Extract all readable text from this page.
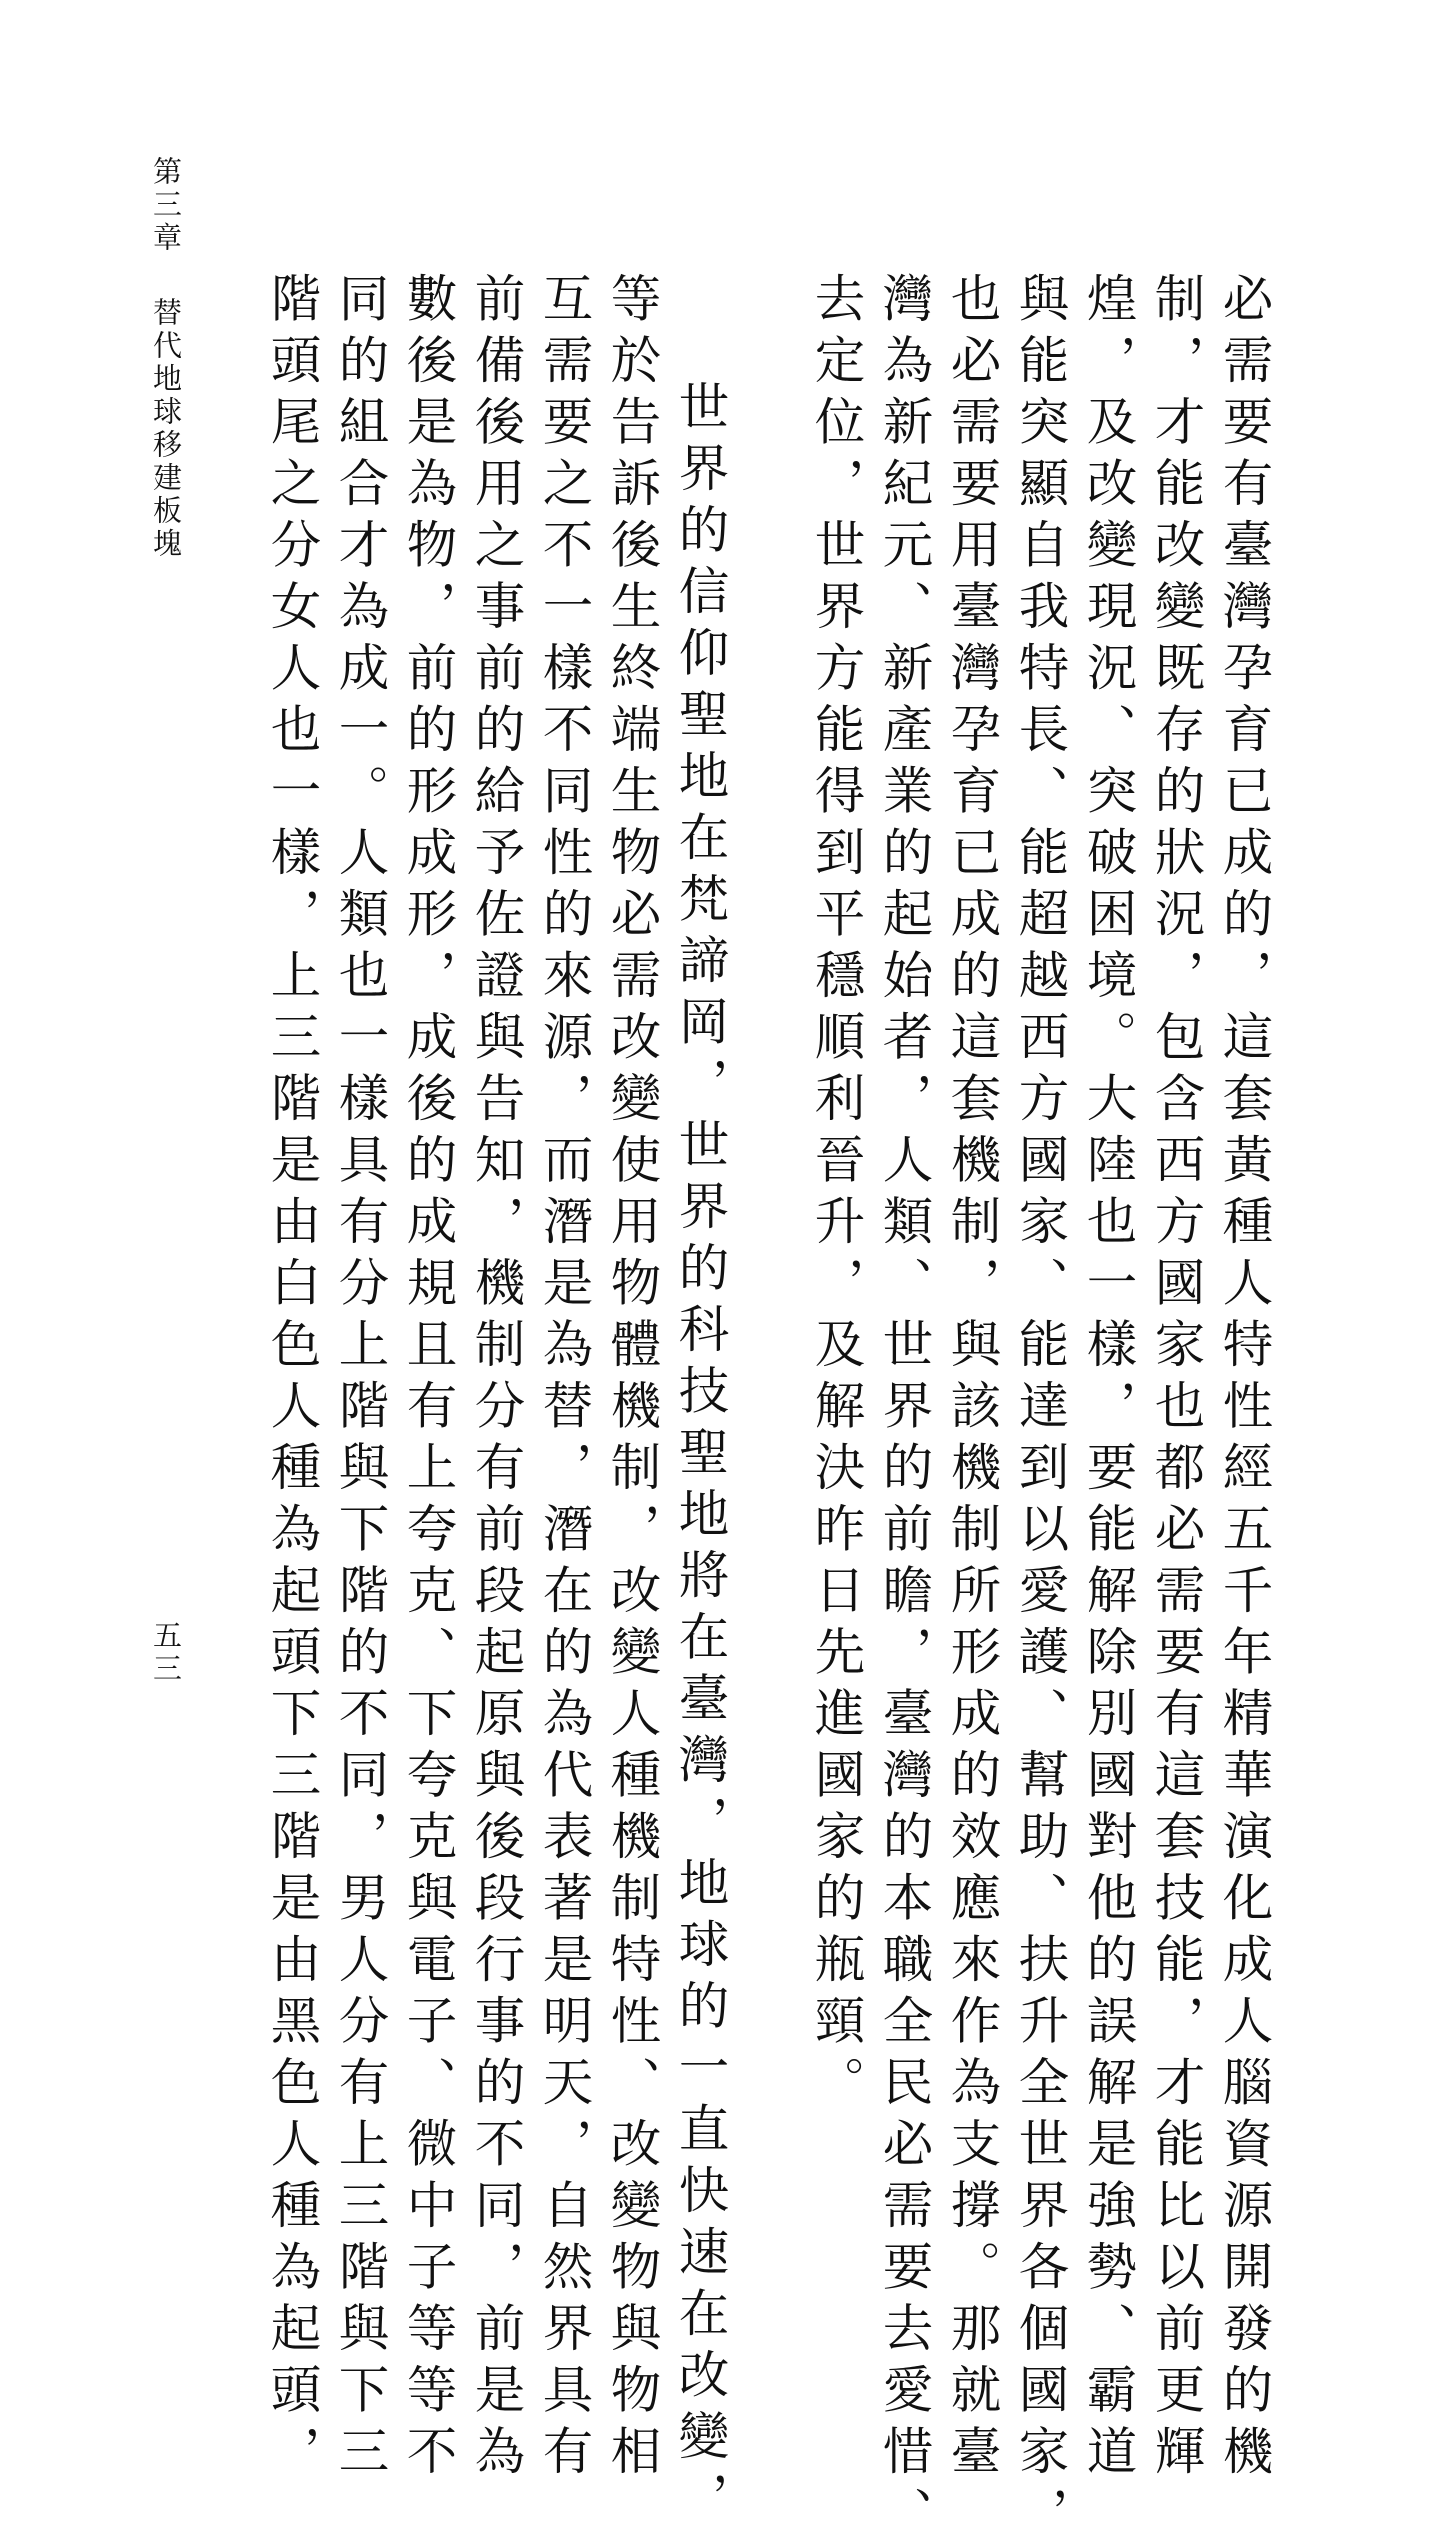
第三章替代地球移建板塊
五三	必需要有臺灣孕育已成的，這套黃種人特性經五千年精華演化成人腦資源開發的機
制，才能改變既存的狀況，包含西方國家也都必需要有這套技能，才能比以前更輝
煌，及改變現況、突破困境。大陸也一樣，要能解除別國對他的誤解是強勢、霸道
與能突顯自我特長、能超越西方國家、能達到以愛護、幫助、扶升全世界各個國家，
也必需要用臺灣孕育已成的這套機制，與該機制所形成的效應來作為支撐。那就臺
灣為新紀元、新產業的起始者，人類、世界的前瞻，臺灣的本職全民必需要去愛惜、
去定位，世界方能得到平穩順利晉升，及解決昨日先進國家的瓶頸。
世界的信仰聖地在梵諦岡，世界的科技聖地將在臺灣，地球的一直快速在改變，
等於告訴後生終端生物必需改變使用物體機制，改變人種機制特性、改變物與物相
互需要之不一樣不同性的來源，而潛是為替，潛在的為代表著是明天，自然界具有
前備後用之事前的給予佐證與告知，機制分有前段起原與後段行事的不同，前是為
數後是為物，前的形成形，成後的成規且有上夸克、下夸克與電子、微中子等等不
同的組合才為成一。人類也一樣具有分上階與下階的不同，男人分有上三階與下三
階頭尾之分女人也一樣，上三階是由白色人種為起頭下三階是由黑色人種為起頭，
